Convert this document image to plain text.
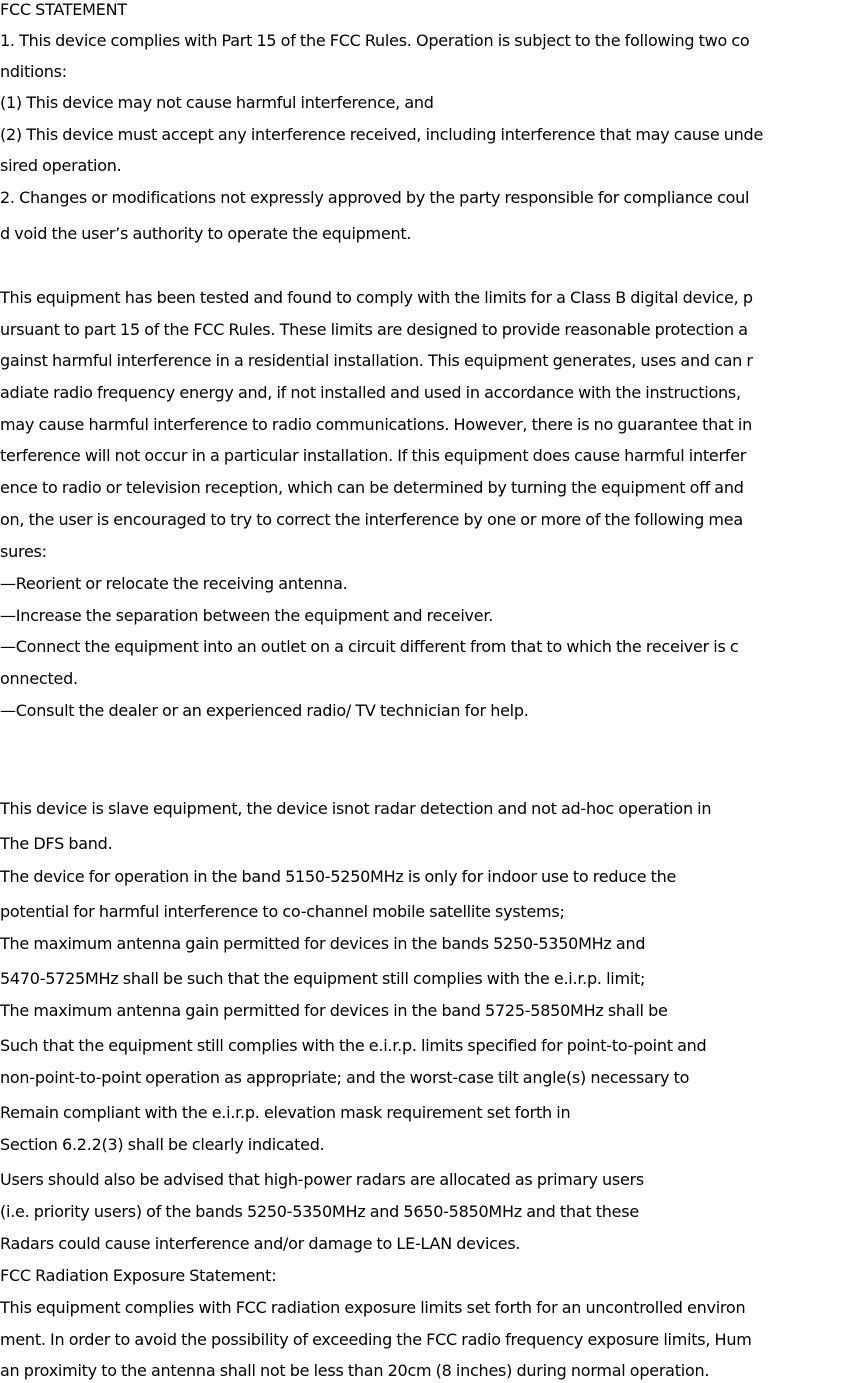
FCC STATEMENT
1. This device complies with Part 15 of the FCC Rules. Operation is subject to the following two co
nditions:
(1) This device may not cause harmful interference, and
(2) This device must accept any interference received, including interference that may cause unde
sired operation.
2. Changes or modifications not expressly approved by the party responsible for compliance coul
d void the user’s authority to operate the equipment.
This equipment has been tested and found to comply with the limits for a Class B digital device, p
ursuant to part 15 of the FCC Rules. These limits are designed to provide reasonable protection a
gainst harmful interference in a residential installation. This equipment generates, uses and can r
adiate radio frequency energy and, if not installed and used in accordance with the instructions,
may cause harmful interference to radio communications. However, there is no guarantee that in
terference will not occur in a particular installation. If this equipment does cause harmful interfer
ence to radio or television reception, which can be determined by turning the equipment off and
on, the user is encouraged to try to correct the interference by one or more of the following mea
sures:
—Reorient or relocate the receiving antenna.
—Increase the separation between the equipment and receiver.
—Connect the equipment into an outlet on a circuit different from that to which the receiver is c
onnected.
—Consult the dealer or an experienced radio/ TV technician for help.
This device is slave equipment, the device isnot radar detection and not ad-hoc operation in
The DFS band.
The device for operation in the band 5150-5250MHz is only for indoor use to reduce the
potential for harmful interference to co-channel mobile satellite systems;
The maximum antenna gain permitted for devices in the bands 5250-5350MHz and
5470-5725MHz shall be such that the equipment still complies with the e.i.r.p. limit;
The maximum antenna gain permitted for devices in the band 5725-5850MHz shall be
Such that the equipment still complies with the e.i.r.p. limits specified for point-to-point and
non-point-to-point operation as appropriate; and the worst-case tilt angle(s) necessary to
Remain compliant with the e.i.r.p. elevation mask requirement set forth in
Section 6.2.2(3) shall be clearly indicated.
Users should also be advised that high-power radars are allocated as primary users
(i.e. priority users) of the bands 5250-5350MHz and 5650-5850MHz and that these
Radars could cause interference and/or damage to LE-LAN devices.
FCC Radiation Exposure Statement:
This equipment complies with FCC radiation exposure limits set forth for an uncontrolled environ
ment. In order to avoid the possibility of exceeding the FCC radio frequency exposure limits, Hum
an proximity to the antenna shall not be less than 20cm (8 inches) during normal operation.
